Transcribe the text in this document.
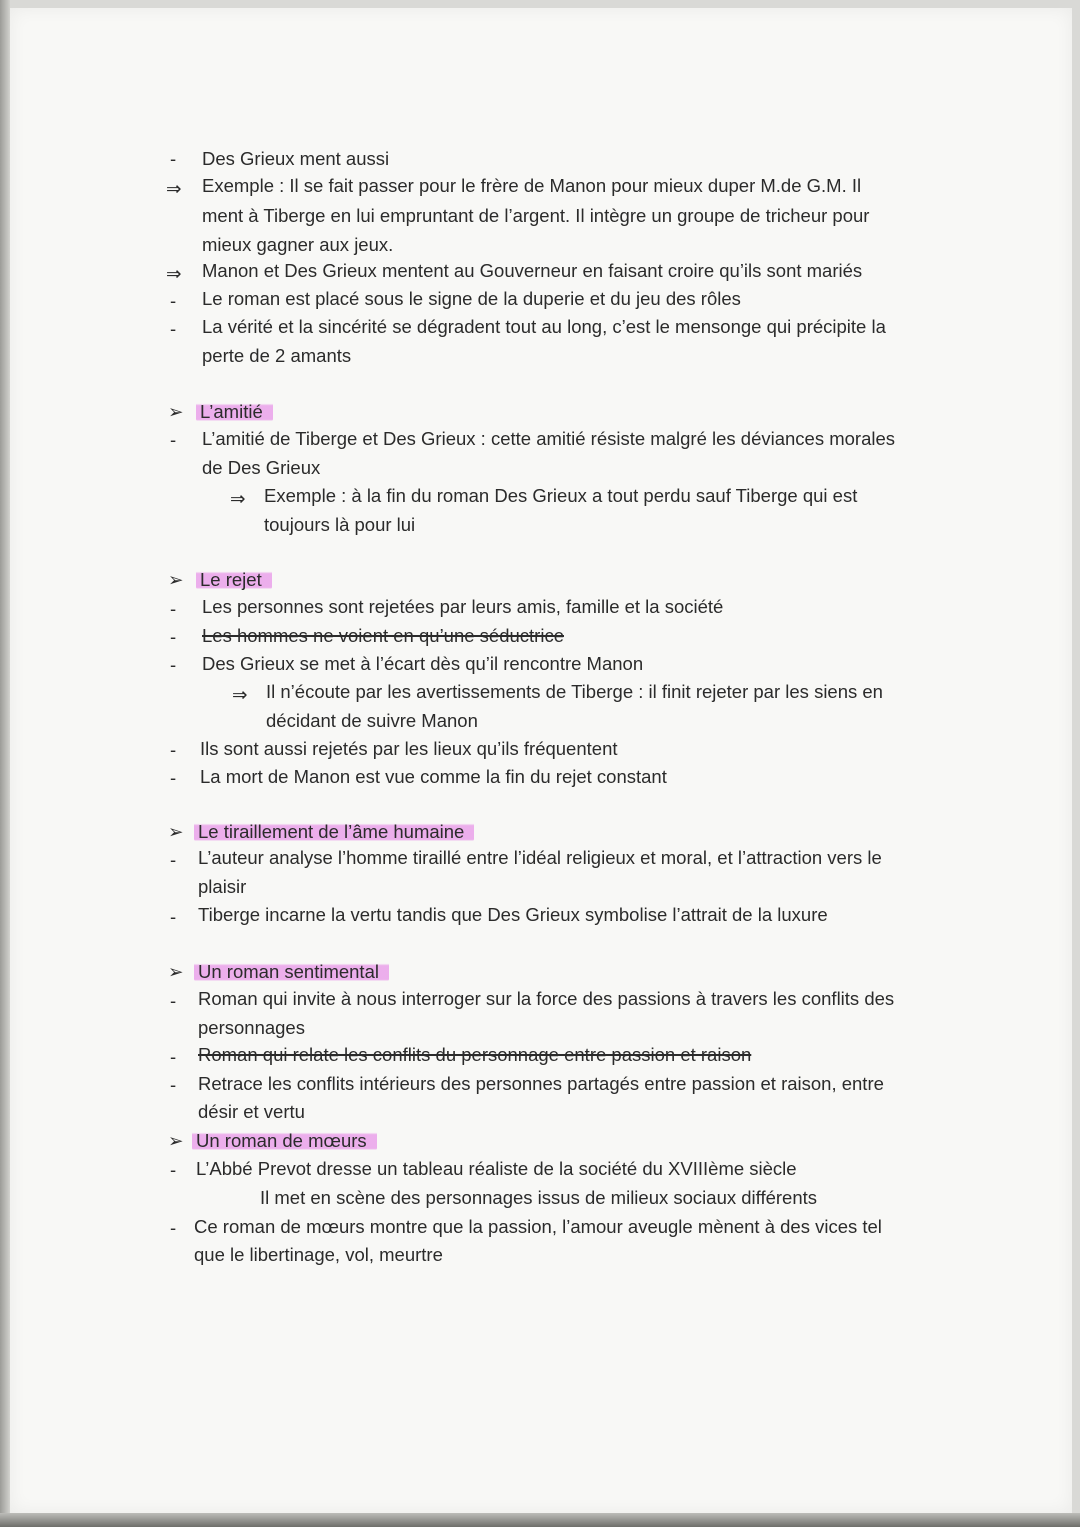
- Des Grieux ment aussi
⇒ Exemple : Il se fait passer pour le frère de Manon pour mieux duper M.de G.M. Il
ment à Tiberge en lui empruntant de l’argent. Il intègre un groupe de tricheur pour
mieux gagner aux jeux.
⇒ Manon et Des Grieux mentent au Gouverneur en faisant croire qu’ils sont mariés
- Le roman est placé sous le signe de la duperie et du jeu des rôles
- La vérité et la sincérité se dégradent tout au long, c’est le mensonge qui précipite la
perte de 2 amants
➢ L’amitié
- L’amitié de Tiberge et Des Grieux : cette amitié résiste malgré les déviances morales
de Des Grieux
⇒ Exemple : à la fin du roman Des Grieux a tout perdu sauf Tiberge qui est
toujours là pour lui
➢ Le rejet
- Les personnes sont rejetées par leurs amis, famille et la société
- Les hommes ne voient en qu’une séductrice
- Des Grieux se met à l’écart dès qu’il rencontre Manon
⇒ Il n’écoute par les avertissements de Tiberge : il finit rejeter par les siens en
décidant de suivre Manon
- Ils sont aussi rejetés par les lieux qu’ils fréquentent
- La mort de Manon est vue comme la fin du rejet constant
➢ Le tiraillement de l’âme humaine
- L’auteur analyse l’homme tiraillé entre l’idéal religieux et moral, et l’attraction vers le
plaisir
- Tiberge incarne la vertu tandis que Des Grieux symbolise l’attrait de la luxure
➢ Un roman sentimental
- Roman qui invite à nous interroger sur la force des passions à travers les conflits des
personnages
- Roman qui relate les conflits du personnage entre passion et raison
- Retrace les conflits intérieurs des personnes partagés entre passion et raison, entre
désir et vertu
➢ Un roman de mœurs
- L’Abbé Prevot dresse un tableau réaliste de la société du XVIIIème siècle
Il met en scène des personnages issus de milieux sociaux différents
- Ce roman de mœurs montre que la passion, l’amour aveugle mènent à des vices tel
que le libertinage, vol, meurtre
